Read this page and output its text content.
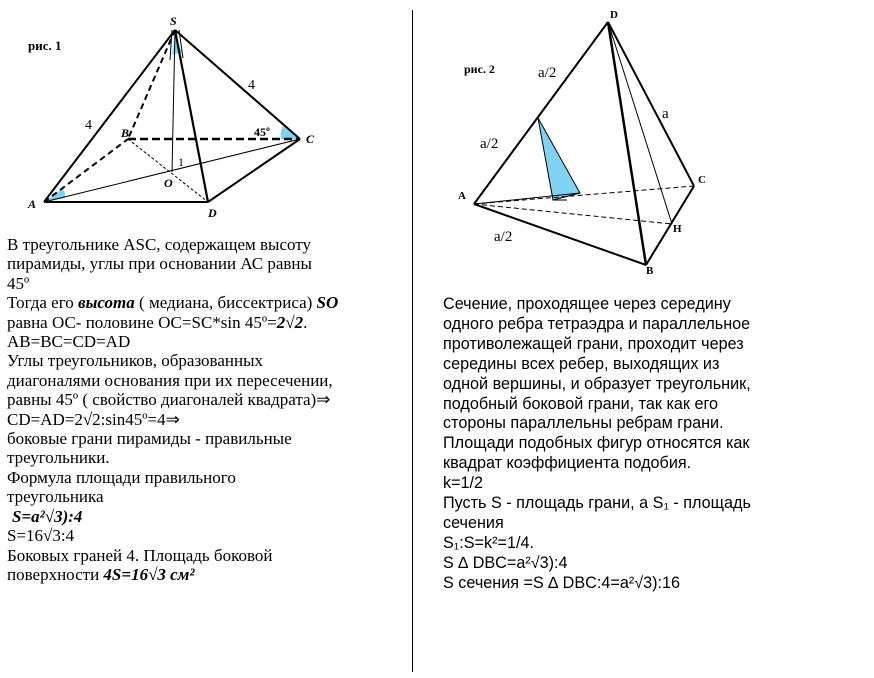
рис. 1
S
A
B	C
D
O
4
4
45º
1
рис. 2
D
A
B
C
H
a/2
a/2
a
a/2
В треугольнике ASC, содержащем высоту
пирамиды, углы при основании АС равны
45º
Тогда его высота ( медиана, биссектриса) SO
равна ОС- половине ОС=SC*sin 45º=2√2.
AB=BC=CD=AD
Углы треугольников, образованных
диагоналями основания при их пересечении,
равны 45º ( свойство диагоналей квадрата)⇒
CD=AD=2√2:sin45º=4⇒
боковые грани пирамиды - правильные
треугольники.
Формула площади правильного
треугольника
S=a²√3):4
S=16√3:4
Боковых граней 4. Площадь боковой
поверхности 4S=16√3 см²
Сечение, проходящее через середину
одного ребра тетраэдра и параллельное
противолежащей грани, проходит через
середины всех ребер, выходящих из
одной вершины, и образует треугольник,
подобный боковой грани, так как его
стороны параллельны ребрам грани.
Площади подобных фигур относятся как
квадрат коэффициента подобия.
k=1/2
Пусть S - площадь грани, а S₁ - площадь
сечения
S₁:S=k²=1/4.
S ∆ DBC=a²√3):4
S сечения =S ∆ DBC:4=a²√3):16
